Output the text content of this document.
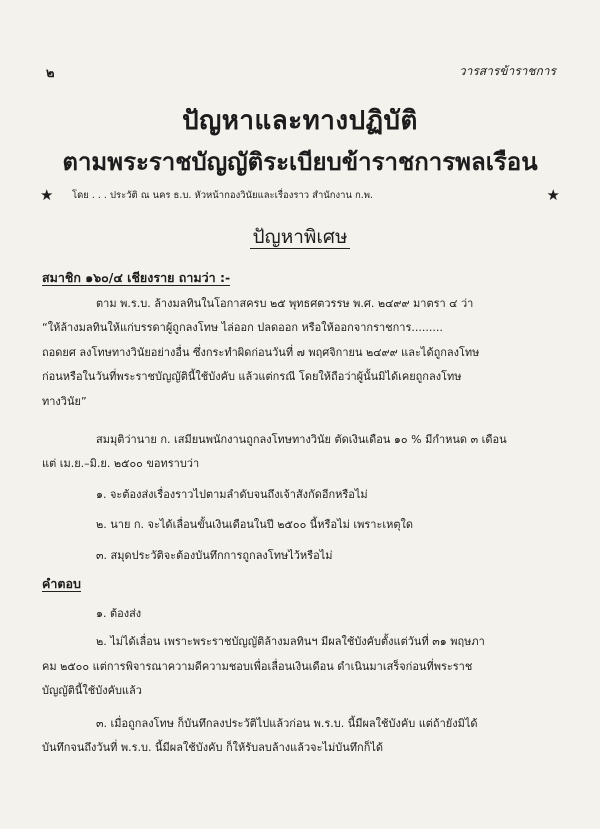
๒	วารสารข้าราชการ
ปัญหาและทางปฏิบัติ
ตามพระราชบัญญัติระเบียบข้าราชการพลเรือน
★ โดย . . . ประวัติ ณ นคร ธ.บ. หัวหน้ากองวินัยและเรื่องราว สำนักงาน ก.พ.	★
ปัญหาพิเศษ
สมาชิก ๑๖๐/๔ เชียงราย ถามว่า :-
ตาม พ.ร.บ. ล้างมลทินในโอกาสครบ ๒๕ พุทธศตวรรษ พ.ศ. ๒๔๙๙ มาตรา ๔ ว่า
“ให้ล้างมลทินให้แก่บรรดาผู้ถูกลงโทษ ไล่ออก ปลดออก หรือให้ออกจากราชการ.........
ถอดยศ ลงโทษทางวินัยอย่างอื่น ซึ่งกระทำผิดก่อนวันที่ ๗ พฤศจิกายน ๒๔๙๙ และได้ถูกลงโทษ
ก่อนหรือในวันที่พระราชบัญญัตินี้ใช้บังคับ แล้วแต่กรณี โดยให้ถือว่าผู้นั้นมิได้เคยถูกลงโทษ
ทางวินัย”
สมมุติว่านาย ก. เสมียนพนักงานถูกลงโทษทางวินัย ตัดเงินเดือน ๑๐ % มีกำหนด ๓ เดือน
แต่ เม.ย.–มิ.ย. ๒๕๐๐ ขอทราบว่า
๑. จะต้องส่งเรื่องราวไปตามลำดับจนถึงเจ้าสังกัดอีกหรือไม่
๒. นาย ก. จะได้เลื่อนขั้นเงินเดือนในปี ๒๕๐๐ นี้หรือไม่ เพราะเหตุใด
๓. สมุดประวัติจะต้องบันทึกการถูกลงโทษไว้หรือไม่
คำตอบ
๑. ต้องส่ง
๒. ไม่ได้เลื่อน เพราะพระราชบัญญัติล้างมลทินฯ มีผลใช้บังคับตั้งแต่วันที่ ๓๑ พฤษภา
คม ๒๕๐๐ แต่การพิจารณาความดีความชอบเพื่อเลื่อนเงินเดือน ดำเนินมาเสร็จก่อนที่พระราช
บัญญัตินี้ใช้บังคับแล้ว
๓. เมื่อถูกลงโทษ ก็บันทึกลงประวัติไปแล้วก่อน พ.ร.บ. นี้มีผลใช้บังคับ แต่ถ้ายังมิได้
บันทึกจนถึงวันที่ พ.ร.บ. นี้มีผลใช้บังคับ ก็ให้รับลบล้างแล้วจะไม่บันทึกก็ได้
